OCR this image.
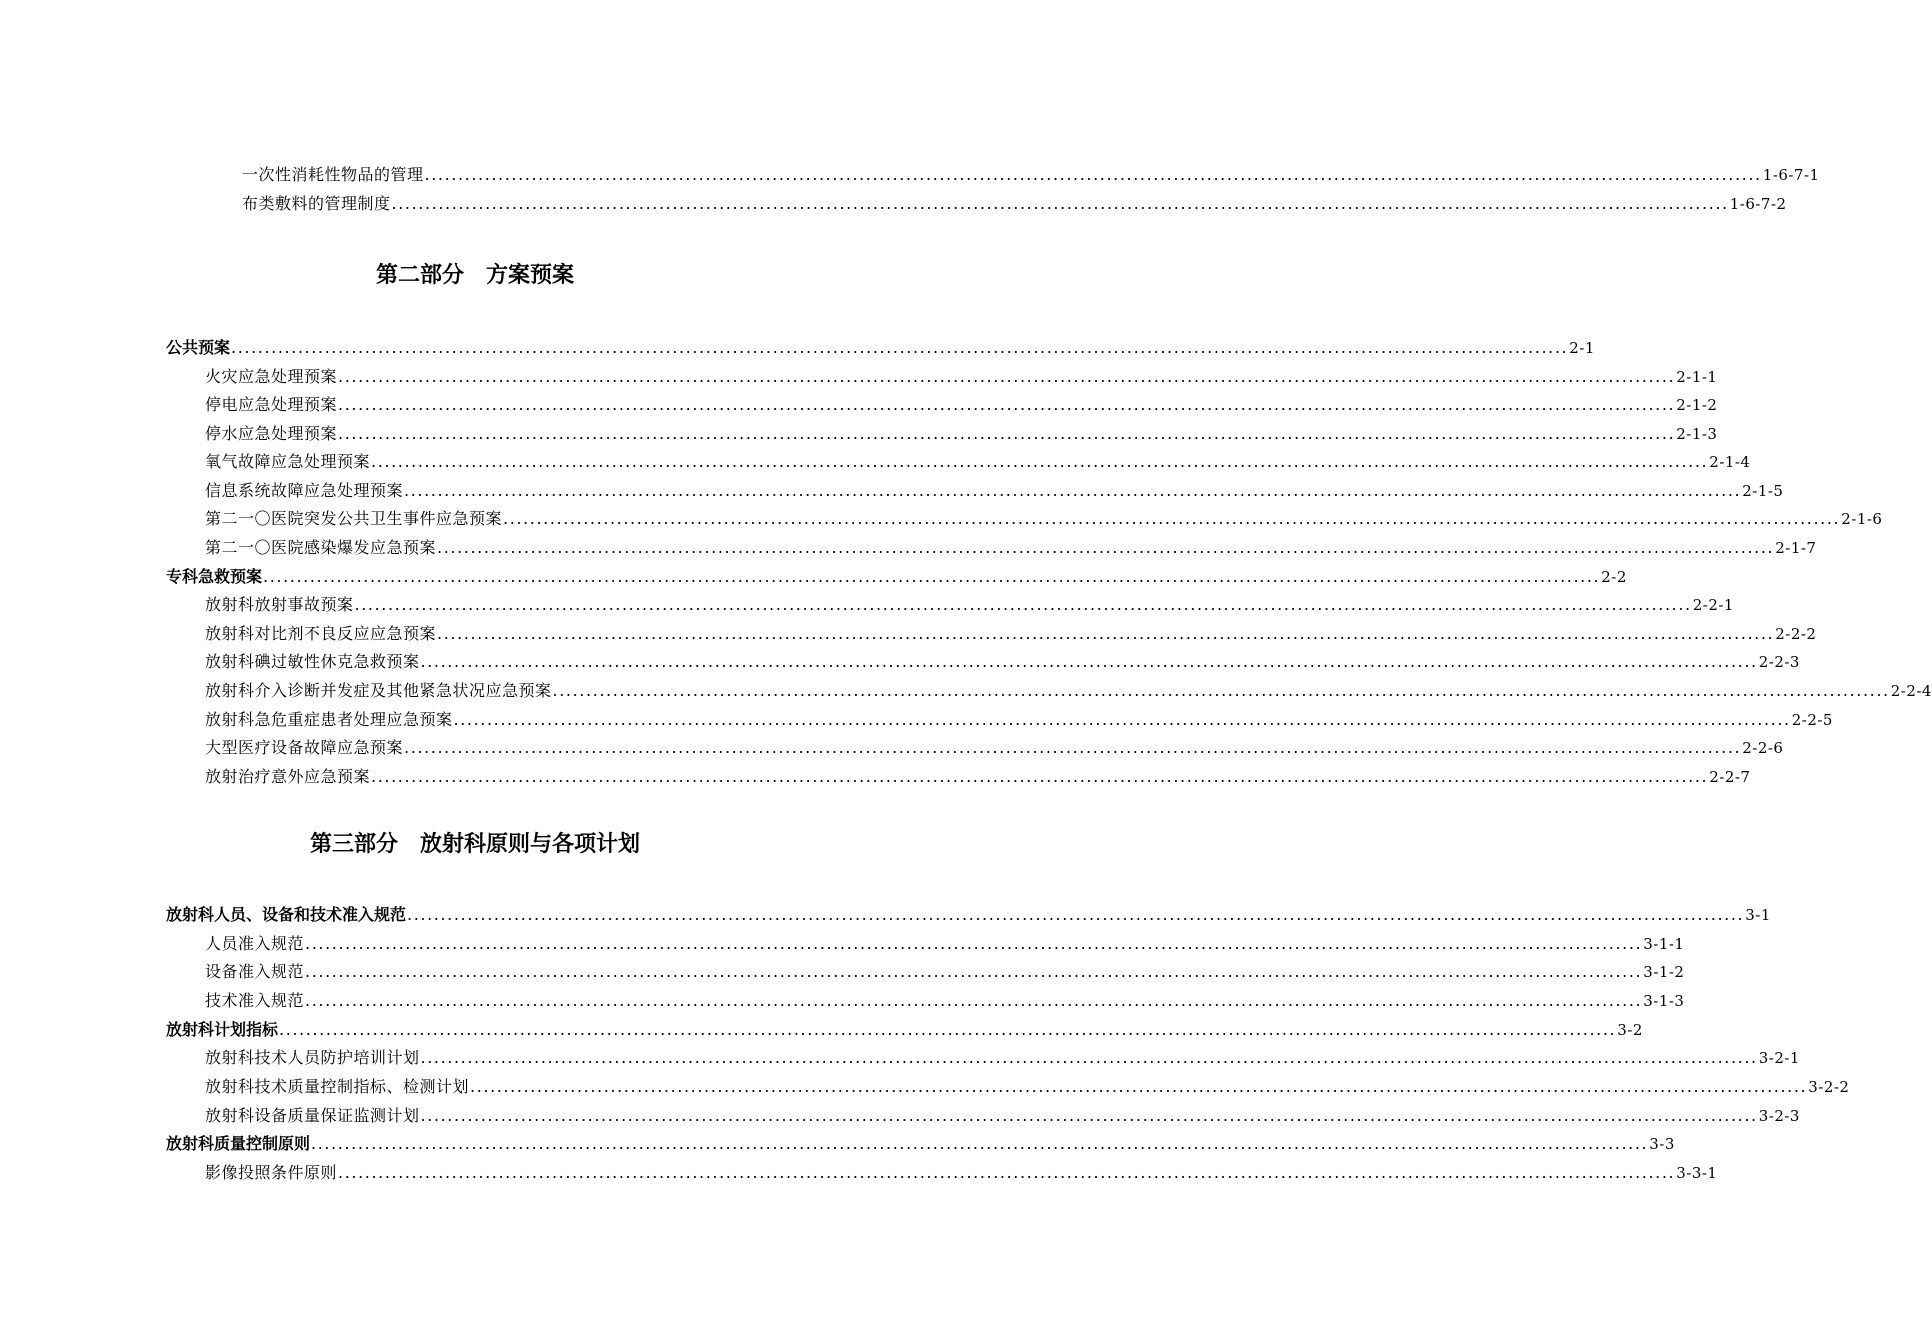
一次性消耗性物品的管理 ........................................................................................................................................................................................................ 1-6-7-1
布类敷料的管理制度 ........................................................................................................................................................................................................ 1-6-7-2
第二部分　方案预案
公共预案 ........................................................................................................................................................................................................ 2-1
火灾应急处理预案 ........................................................................................................................................................................................................ 2-1-1
停电应急处理预案 ........................................................................................................................................................................................................ 2-1-2
停水应急处理预案 ........................................................................................................................................................................................................ 2-1-3
氧气故障应急处理预案 ........................................................................................................................................................................................................ 2-1-4
信息系统故障应急处理预案 ........................................................................................................................................................................................................ 2-1-5
第二一〇医院突发公共卫生事件应急预案 ........................................................................................................................................................................................................ 2-1-6
第二一〇医院感染爆发应急预案 ........................................................................................................................................................................................................ 2-1-7
专科急救预案 ........................................................................................................................................................................................................ 2-2
放射科放射事故预案 ........................................................................................................................................................................................................ 2-2-1
放射科对比剂不良反应应急预案 ........................................................................................................................................................................................................ 2-2-2
放射科碘过敏性休克急救预案 ........................................................................................................................................................................................................ 2-2-3
放射科介入诊断并发症及其他紧急状况应急预案 ........................................................................................................................................................................................................ 2-2-4
放射科急危重症患者处理应急预案 ........................................................................................................................................................................................................ 2-2-5
大型医疗设备故障应急预案 ........................................................................................................................................................................................................ 2-2-6
放射治疗意外应急预案 ........................................................................................................................................................................................................ 2-2-7
第三部分　放射科原则与各项计划
放射科人员、设备和技术准入规范 ........................................................................................................................................................................................................ 3-1
人员准入规范 ........................................................................................................................................................................................................ 3-1-1
设备准入规范 ........................................................................................................................................................................................................ 3-1-2
技术准入规范 ........................................................................................................................................................................................................ 3-1-3
放射科计划指标 ........................................................................................................................................................................................................ 3-2
放射科技术人员防护培训计划 ........................................................................................................................................................................................................ 3-2-1
放射科技术质量控制指标、检测计划 ........................................................................................................................................................................................................ 3-2-2
放射科设备质量保证监测计划 ........................................................................................................................................................................................................ 3-2-3
放射科质量控制原则 ........................................................................................................................................................................................................ 3-3
影像投照条件原则 ........................................................................................................................................................................................................ 3-3-1
